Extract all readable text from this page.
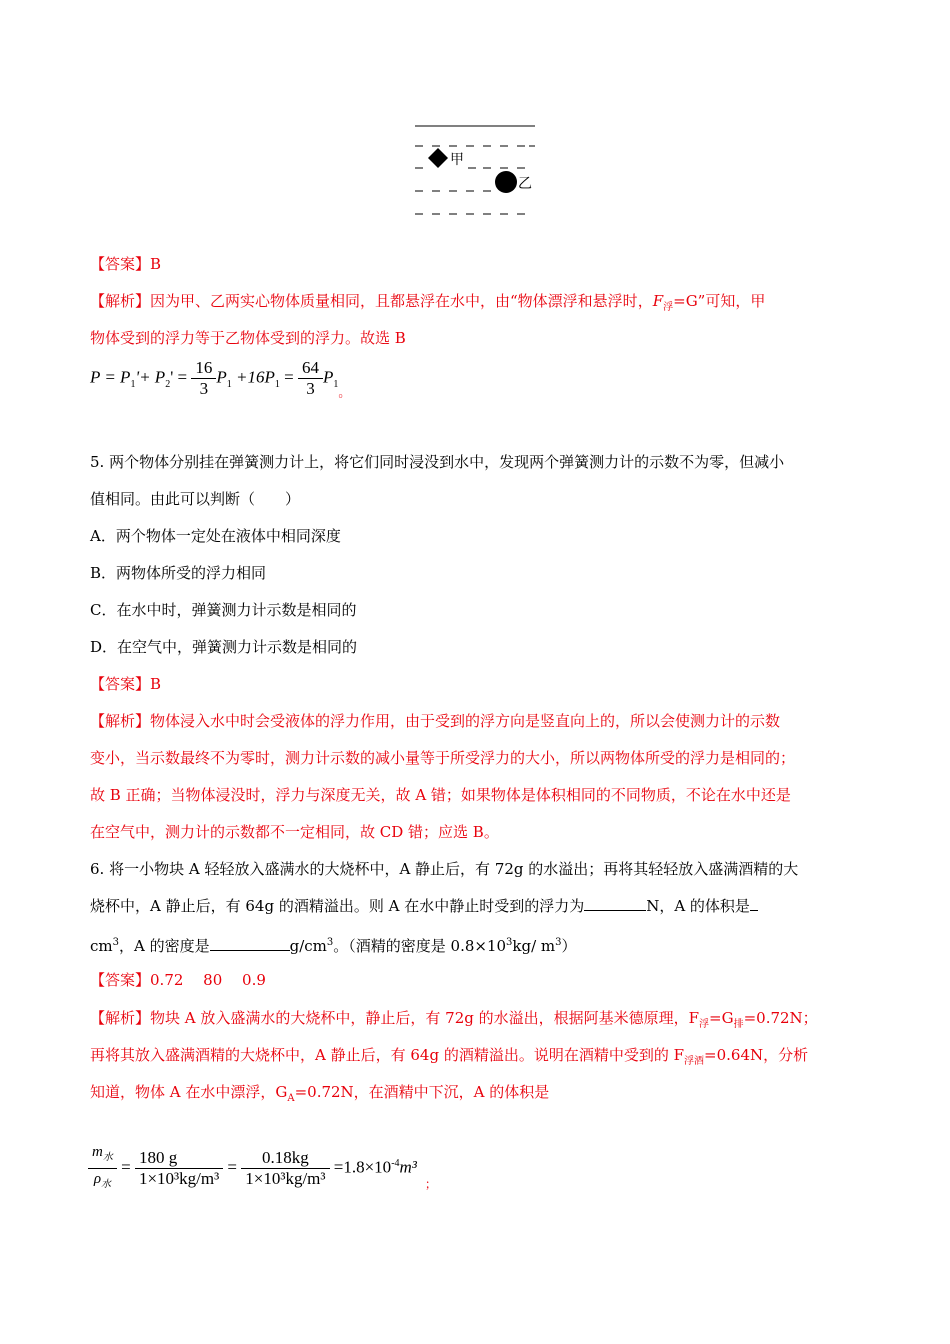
甲
乙
【答案】B
【解析】因为甲、乙两实心物体质量相同，且都悬浮在水中，由“物体漂浮和悬浮时，$F_浮=G$”可知，甲
物体受到的浮力等于乙物体受到的浮力。故选 B
$P = P_1'+ P_2' = \frac{16}{3} P_1 +16P_1 = \frac{64}{3} P_{1。}$
5. 两个物体分别挂在弹簧测力计上，将它们同时浸没到水中，发现两个弹簧测力计的示数不为零，但减小
值相同。由此可以判断（　　）
A．两个物体一定处在液体中相同深度
B．两物体所受的浮力相同
C．在水中时，弹簧测力计示数是相同的
D．在空气中，弹簧测力计示数是相同的
【答案】B
【解析】物体浸入水中时会受液体的浮力作用，由于受到的浮方向是竖直向上的，所以会使测力计的示数
变小，当示数最终不为零时，测力计示数的减小量等于所受浮力的大小，所以两物体所受的浮力是相同的；
故 B 正确；当物体浸没时，浮力与深度无关，故 A 错；如果物体是体积相同的不同物质，不论在水中还是
在空气中，测力计的示数都不一定相同，故 CD 错；应选 B。
6. 将一小物块 A 轻轻放入盛满水的大烧杯中，A 静止后，有 72g 的水溢出；再将其轻轻放入盛满酒精的大
烧杯中，A 静止后，有 64g 的酒精溢出。则 A 在水中静止时受到的浮力为	N，A 的体积是
$cm^3$，A 的密度是	$g/cm^3$。（酒精的密度是 $0.8\times 10^3kg/$ $m^3$）
【答案】0.72　 80　 0.9
【解析】物块 A 放入盛满水的大烧杯中，静止后，有 72g 的水溢出，根据阿基米德原理，$F_浮=G_排=0.72N$；
再将其放入盛满酒精的大烧杯中，A 静止后，有 64g 的酒精溢出。说明在酒精中受到的 $F_{浮酒}=0.64N$，分析
知道，物体 A 在水中漂浮，$G_A=0.72N$，在酒精中下沉，A 的体积是
$\frac{m_水}{\rho_水} = \frac{180 g}{\text{1×10³kg/m³}} = \frac{0.18kg}{\text{1×10³kg/m³}} =1.8\times 10^{-4}m^3_;$
